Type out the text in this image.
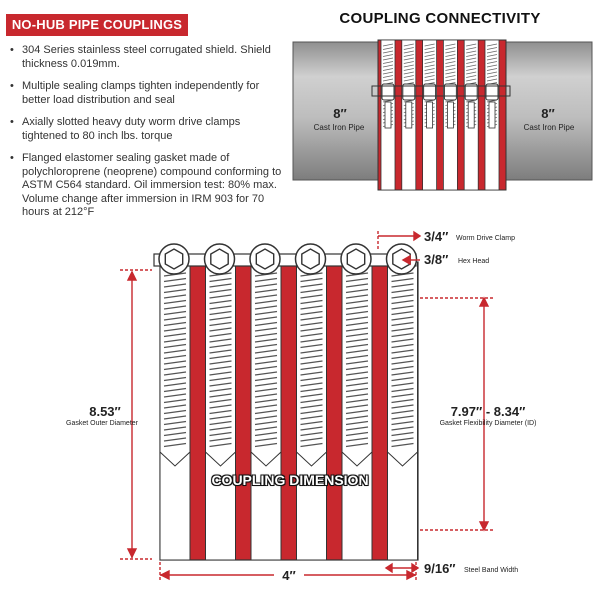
NO-HUB PIPE COUPLINGS
• 304 Series stainless steel corrugated shield. Shield thickness 0.019mm.
• Multiple sealing clamps tighten independently for better load distribution and seal
• Axially slotted heavy duty worm drive clamps tightened to 80 inch lbs. torque
• Flanged elastomer sealing gasket made of polychloroprene (neoprene) compound conforming to ASTM C564 standard. Oil immersion test: 80% max. Volume change after immersion in IRM 903 for 70 hours at 212°F
COUPLING CONNECTIVITY
8″
Cast Iron Pipe
8″
Cast Iron Pipe
COUPLING DIMENSION
3/4″	Worm Drive Clamp
3/8″	Hex Head
8.53″
Gasket Outer Diameter
7.97″ - 8.34″
Gasket Flexibility Diameter (ID)
4″	9/16″	Steel Band Width
